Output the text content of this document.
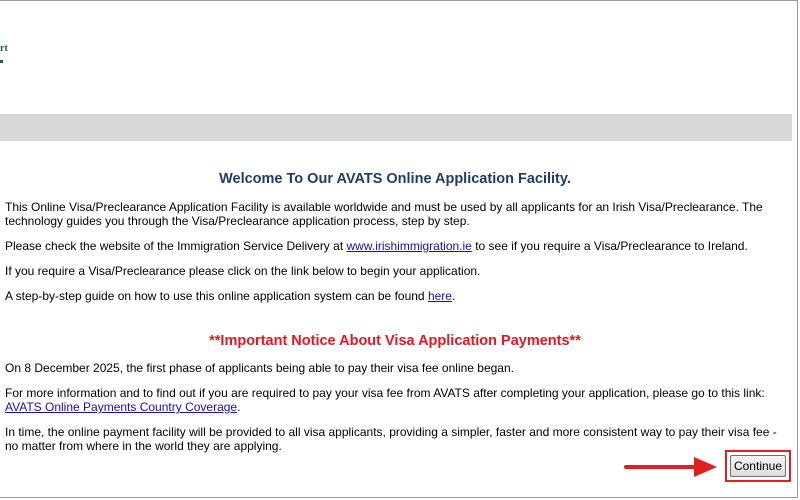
rt
Welcome To Our AVATS Online Application Facility.

This Online Visa/Preclearance Application Facility is available worldwide and must be used by all applicants for an Irish Visa/Preclearance. The technology guides you through the Visa/Preclearance application process, step by step.

Please check the website of the Immigration Service Delivery at www.irishimmigration.ie to see if you require a Visa/Preclearance to Ireland.

If you require a Visa/Preclearance please click on the link below to begin your application.

A step-by-step guide on how to use this online application system can be found here.

**Important Notice About Visa Application Payments**

On 8 December 2025, the first phase of applicants being able to pay their visa fee online began.

For more information and to find out if you are required to pay your visa fee from AVATS after completing your application, please go to this link: AVATS Online Payments Country Coverage.

In time, the online payment facility will be provided to all visa applicants, providing a simpler, faster and more consistent way to pay their visa fee - no matter from where in the world they are applying.

Continue
